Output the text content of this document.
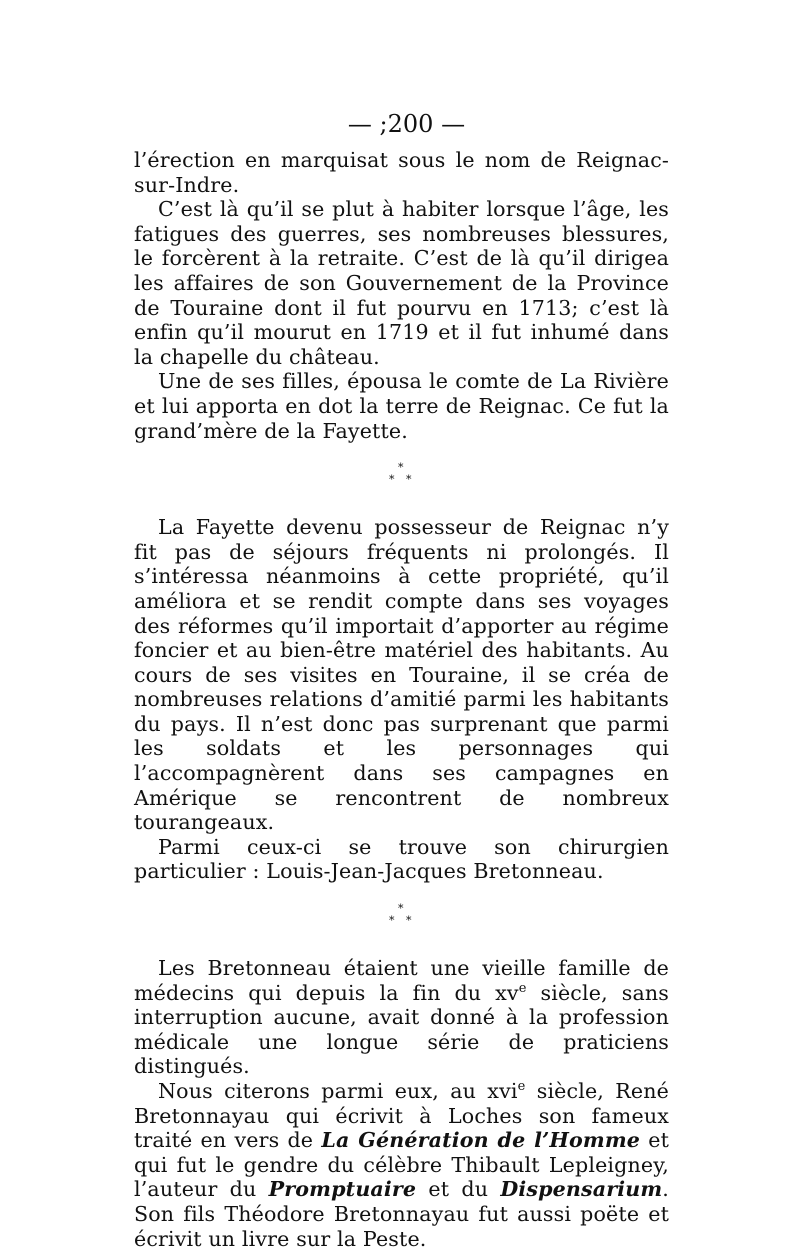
— ;200 —

l’érection en marquisat sous le nom de Reignac-sur-Indre.

C’est là qu’il se plut à habiter lorsque l’âge, les fatigues des guerres, ses nombreuses blessures, le forcèrent à la retraite. C’est de là qu’il dirigea les affaires de son Gouvernement de la Province de Touraine dont il fut pourvu en 1713; c’est là enfin qu’il mourut en 1719 et il fut inhumé dans la chapelle du château.

Une de ses filles, épousa le comte de La Rivière et lui apporta en dot la terre de Reignac. Ce fut la grand’mère de la Fayette.

*
* *

La Fayette devenu possesseur de Reignac n’y fit pas de séjours fréquents ni prolongés. Il s’intéressa néanmoins à cette propriété, qu’il améliora et se rendit compte dans ses voyages des réformes qu’il importait d’apporter au régime foncier et au bien-être matériel des habitants. Au cours de ses visites en Touraine, il se créa de nombreuses relations d’amitié parmi les habitants du pays. Il n’est donc pas surprenant que parmi les soldats et les personnages qui l’accompagnèrent dans ses campagnes en Amérique se rencontrent de nombreux tourangeaux.

Parmi ceux-ci se trouve son chirurgien particulier : Louis-Jean-Jacques Bretonneau.

*
* *

Les Bretonneau étaient une vieille famille de médecins qui depuis la fin du $xv^e$ siècle, sans interruption aucune, avait donné à la profession médicale une longue série de praticiens distingués.

Nous citerons parmi eux, au xvi$^e$ siècle, René Bretonnayau qui écrivit à Loches son fameux traité en vers de La Génération de l’Homme et qui fut le gendre du célèbre Thibault Lepleigney, l’auteur du Promptuaire et du Dispensarium. Son fils Théodore Bretonnayau fut aussi poëte et écrivit un livre sur la Peste.
